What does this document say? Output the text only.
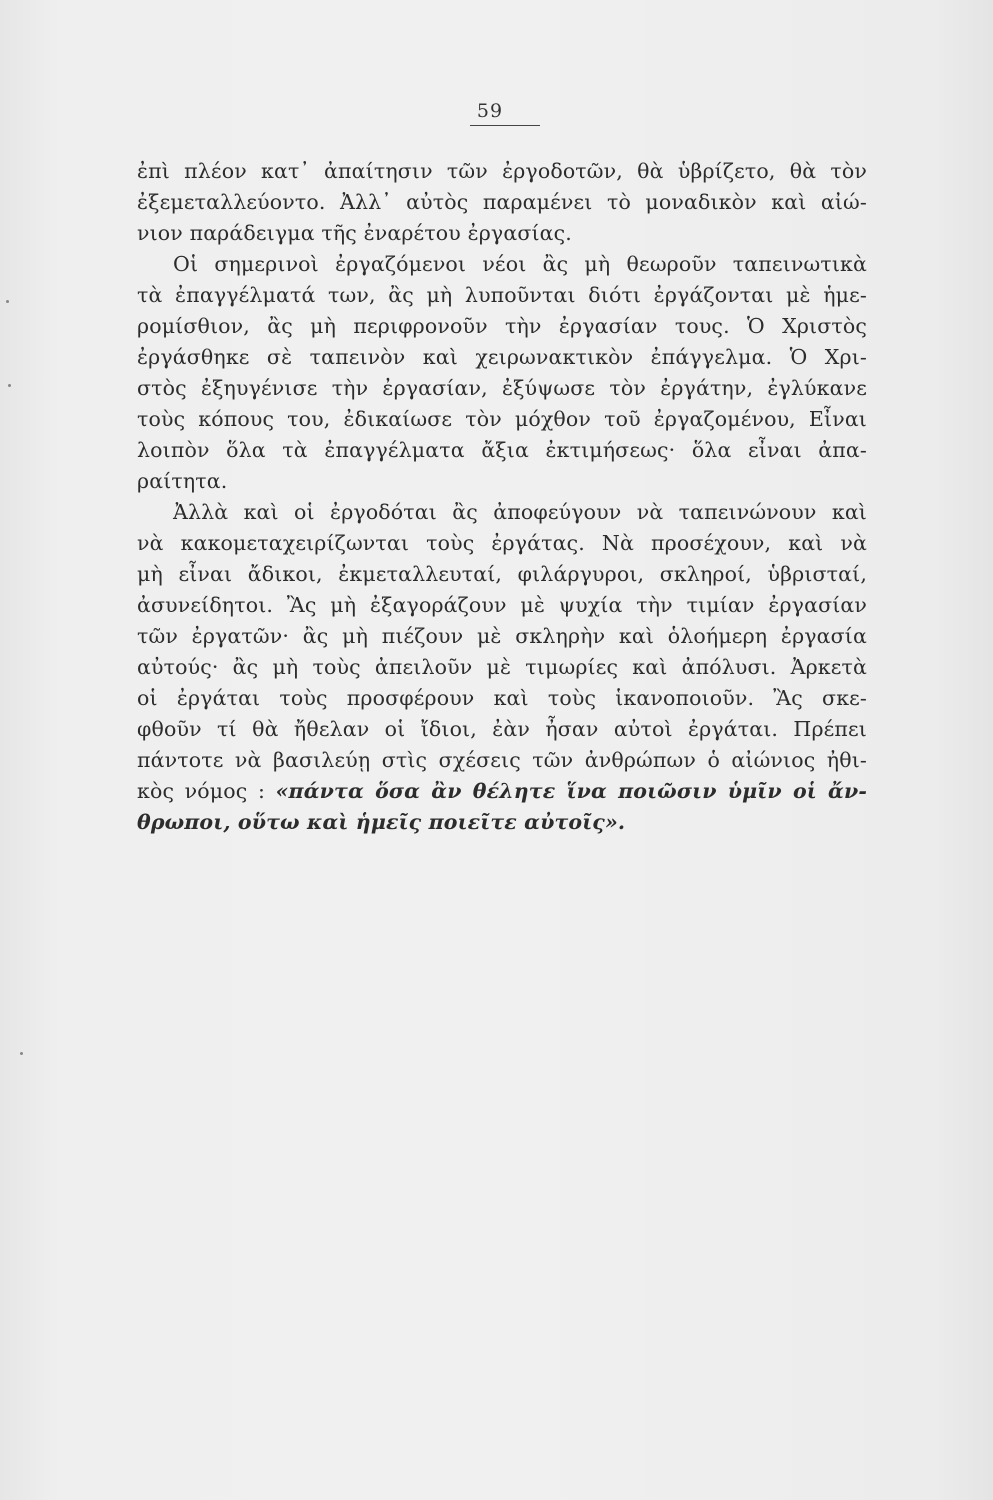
59
ἐπὶ πλέον κατ᾽ ἀπαίτησιν τῶν ἐργοδοτῶν, θὰ ὑβρίζετο, θὰ τὸν
ἐξεμεταλλεύοντο. Ἀλλ᾽ αὐτὸς παραμένει τὸ μοναδικὸν καὶ αἰώ-
νιον παράδειγμα τῆς ἐναρέτου ἐργασίας.
Οἱ σημερινοὶ ἐργαζόμενοι νέοι ἂς μὴ θεωροῦν ταπεινωτικὰ
τὰ ἐπαγγέλματά των, ἂς μὴ λυποῦνται διότι ἐργάζονται μὲ ἡμε-
ρομίσθιον, ἂς μὴ περιφρονοῦν τὴν ἐργασίαν τους. Ὁ Χριστὸς
ἐργάσθηκε σὲ ταπεινὸν καὶ χειρωνακτικὸν ἐπάγγελμα. Ὁ Χρι-
στὸς ἐξηυγένισε τὴν ἐργασίαν, ἐξύψωσε τὸν ἐργάτην, ἐγλύκανε
τοὺς κόπους του, ἐδικαίωσε τὸν μόχθον τοῦ ἐργαζομένου, Εἶναι
λοιπὸν ὅλα τὰ ἐπαγγέλματα ἄξια ἐκτιμήσεως· ὅλα εἶναι ἀπα-
ραίτητα.
Ἀλλὰ καὶ οἱ ἐργοδόται ἂς ἀποφεύγουν νὰ ταπεινώνουν καὶ
νὰ κακομεταχειρίζωνται τοὺς ἐργάτας. Νὰ προσέχουν, καὶ νὰ
μὴ εἶναι ἄδικοι, ἐκμεταλλευταί, φιλάργυροι, σκληροί, ὑβρισταί,
ἀσυνείδητοι. Ἂς μὴ ἐξαγοράζουν μὲ ψυχία τὴν τιμίαν ἐργασίαν
τῶν ἐργατῶν· ἂς μὴ πιέζουν μὲ σκληρὴν καὶ ὁλοήμερη ἐργασία
αὐτούς· ἂς μὴ τοὺς ἀπειλοῦν μὲ τιμωρίες καὶ ἀπόλυσι. Ἀρκετὰ
οἱ ἐργάται τοὺς προσφέρουν καὶ τοὺς ἱκανοποιοῦν. Ἂς σκε-
φθοῦν τί θὰ ἤθελαν οἱ ἴδιοι, ἐὰν ἦσαν αὐτοὶ ἐργάται. Πρέπει
πάντοτε νὰ βασιλεύῃ στὶς σχέσεις τῶν ἀνθρώπων ὁ αἰώνιος ἠθι-
κὸς νόμος : «πάντα ὅσα ἂν θέλητε ἵνα ποιῶσιν ὑμῖν οἱ ἄν-
θρωποι, οὕτω καὶ ἡμεῖς ποιεῖτε αὐτοῖς».
